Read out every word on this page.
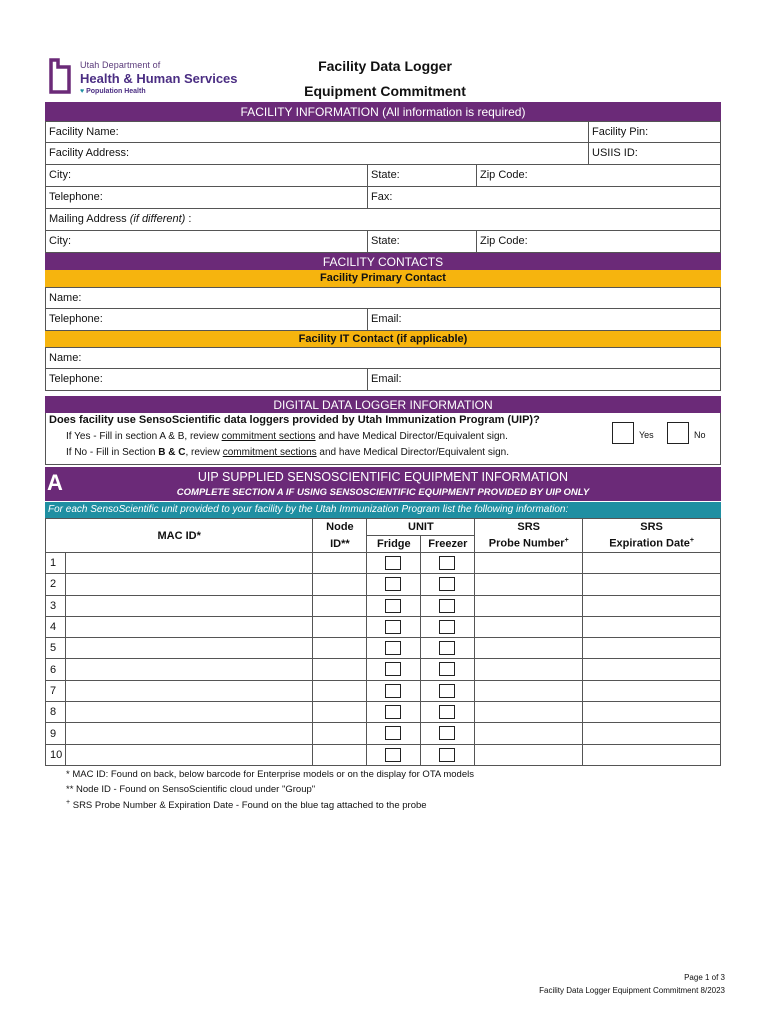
Utah Department of
Health & Human Services
♥ Population Health
Facility Data Logger
Equipment Commitment
FACILITY INFORMATION (All information is required)
Facility Name:	Facility Pin:
Facility Address:	USIIS ID:
City:	State:	Zip Code:
Telephone:	Fax:
Mailing Address (if different) :
City:	State:	Zip Code:
FACILITY CONTACTS
Facility Primary Contact
Name:
Telephone:	Email:
Facility IT Contact (if applicable)
Name:
Telephone:	Email:
DIGITAL DATA LOGGER INFORMATION
Does facility use SensoScientific data loggers provided by Utah Immunization Program (UIP)?
If Yes - Fill in section A & B, review commitment sections and have Medical Director/Equivalent sign.
If No - Fill in Section B & C, review commitment sections and have Medical Director/Equivalent sign.
Yes	No
A	UIP SUPPLIED SENSOSCIENTIFIC EQUIPMENT INFORMATION
COMPLETE SECTION A IF USING SENSOSCIENTIFIC EQUIPMENT PROVIDED BY UIP ONLY
For each SensoScientific unit provided to your facility by the Utah Immunization Program list the following information:
MAC ID*		Node	UNIT		SRS	SRS
		ID**	Fridge	Freezer	Probe Number+	Expiration Date+
1			

2			

3			

4			

5			

6			

7			

8			

9			

10			

* MAC ID: Found on back, below barcode for Enterprise models or on the display for OTA models
** Node ID - Found on SensoScientific cloud under "Group"
+ SRS Probe Number & Expiration Date - Found on the blue tag attached to the probe
Page 1 of 3
Facility Data Logger Equipment Commitment 8/2023
